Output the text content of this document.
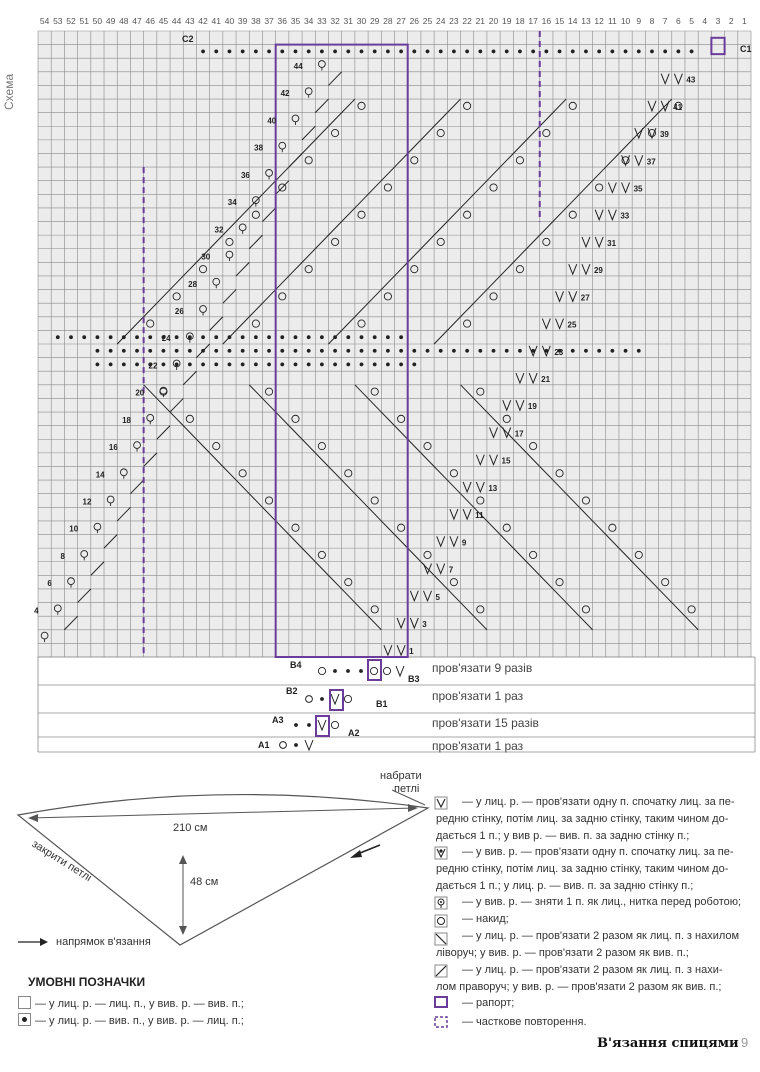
54 53 52 51 50 49 48 47 46 45 44 43 42 41 40 39 38 37 36 35 34 33 32 31 30 29 28 27 26 25 24 23 22 21 20 19 18 17 16 15 14 13 12 11 10 9 8 7 6 5 4 3 2 1
1
3
5
7
9
11
13
15
17
19
21
23
25
27
29
31
33
35
37
39
41
43
4
6
8
10
12
14
16
18
20
22
24
26
28
30
32
34
36
38
40
42
44
C1
C2
A1
A2
A3
B1
B2
B3
B4
Схема
пров'язати 9 разів
пров'язати 1 раз
пров'язати 15 разів
пров'язати 1 раз
210 см
48 см
набрати
петлі
закрити петлі
напрямок в'язання
УМОВНІ ПОЗНАЧКИ
— у лиц. р. — лиц. п., у вив. р. — вив. п.;
— у лиц. р. — вив. п., у вив. р. — лиц. п.;
— у лиц. р. — пров'язати одну п. спочатку лиц. за пе-
редню стінку, потім лиц. за задню стінку, таким чином до-
дається 1 п.; у вив р. — вив. п. за задню стінку п.;
— у вив. р. — пров'язати одну п. спочатку лиц. за пе-
редню стінку, потім лиц. за задню стінку, таким чином до-
дається 1 п.; у лиц. р. — вив. п. за задню стінку п.;
— у вив. р. — зняти 1 п. як лиц., нитка перед роботою;
— накид;
— у лиц. р. — пров'язати 2 разом як лиц. п. з нахилом
ліворуч; у вив. р. — пров'язати 2 разом як вив. п.;
— у лиц. р. — пров'язати 2 разом як лиц. п. з нахи-
лом праворуч; у вив. р. — пров'язати 2 разом як вив. п.;
— рапорт;
— часткове повторення.
В'язання спицями 9
